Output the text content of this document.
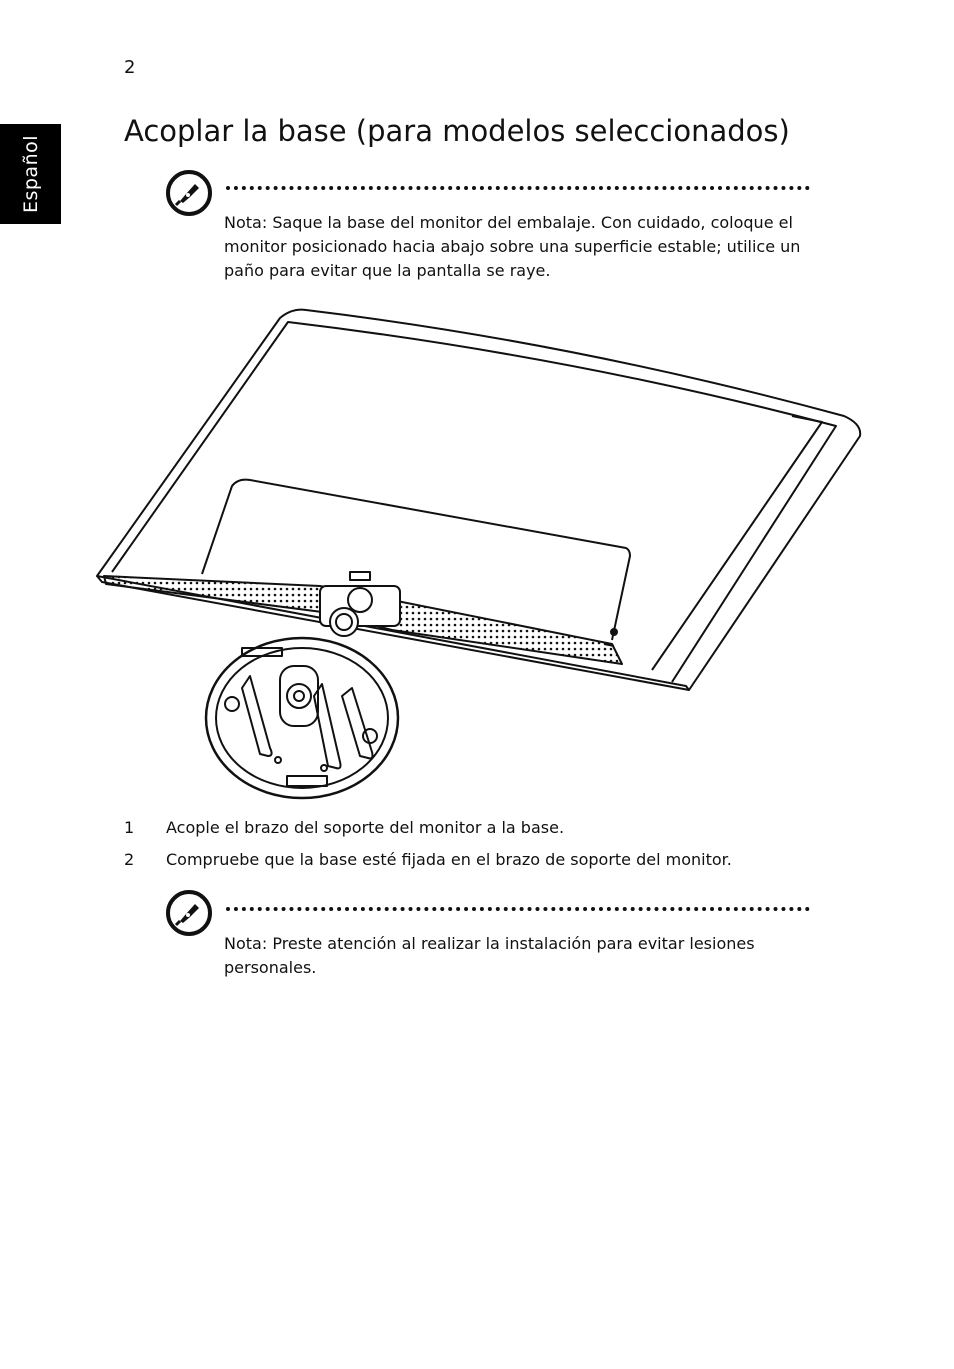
2
Español
Acoplar la base (para modelos seleccionados)
Nota: Saque la base del monitor del embalaje. Con cuidado, coloque el monitor posicionado hacia abajo sobre una superficie estable; utilice un paño para evitar que la pantalla se raye.
1 Acople el brazo del soporte del monitor a la base.
2 Compruebe que la base esté fijada en el brazo de soporte del monitor.
Nota: Preste atención al realizar la instalación para evitar lesiones personales.
